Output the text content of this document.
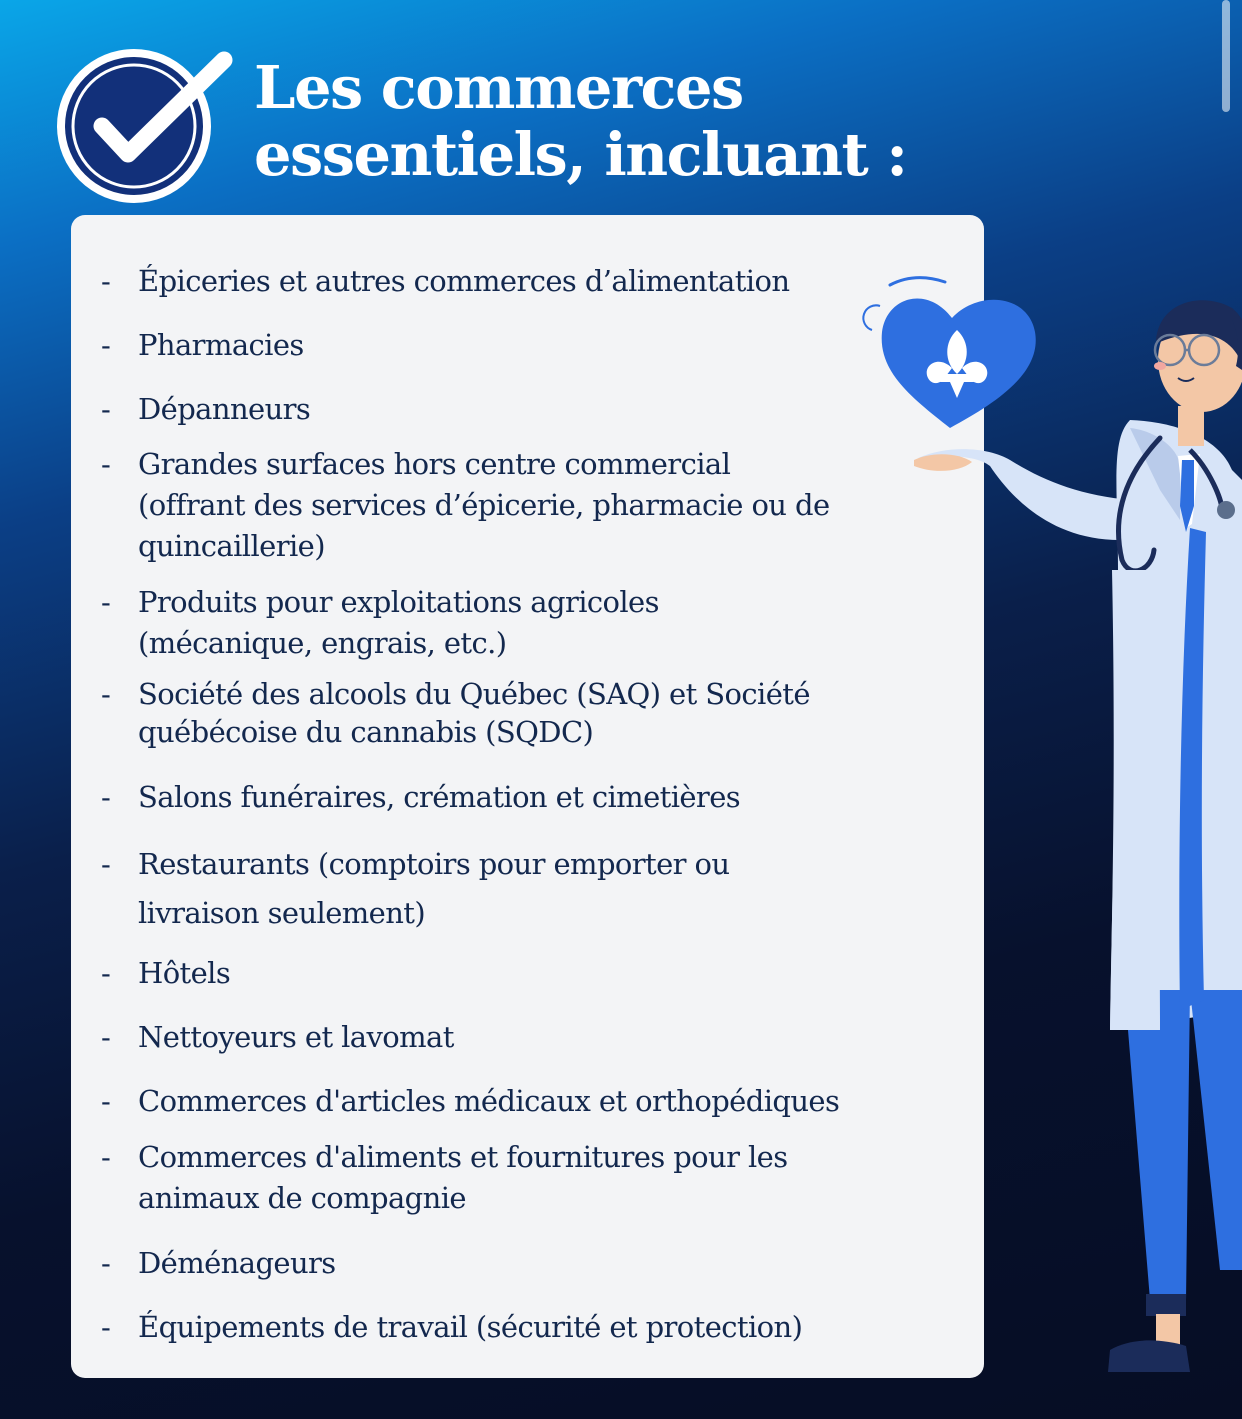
Les commerces
essentiels, incluant :
- Épiceries et autres commerces d’alimentation
- Pharmacies
- Dépanneurs
- Grandes surfaces hors centre commercial
(offrant des services d’épicerie, pharmacie ou de
quincaillerie)
- Produits pour exploitations agricoles
(mécanique, engrais, etc.)
- Société des alcools du Québec (SAQ) et Société
québécoise du cannabis (SQDC)
- Salons funéraires, crémation et cimetières
- Restaurants (comptoirs pour emporter ou
livraison seulement)
- Hôtels
- Nettoyeurs et lavomat
- Commerces d'articles médicaux et orthopédiques
- Commerces d'aliments et fournitures pour les
animaux de compagnie
- Déménageurs
- Équipements de travail (sécurité et protection)
